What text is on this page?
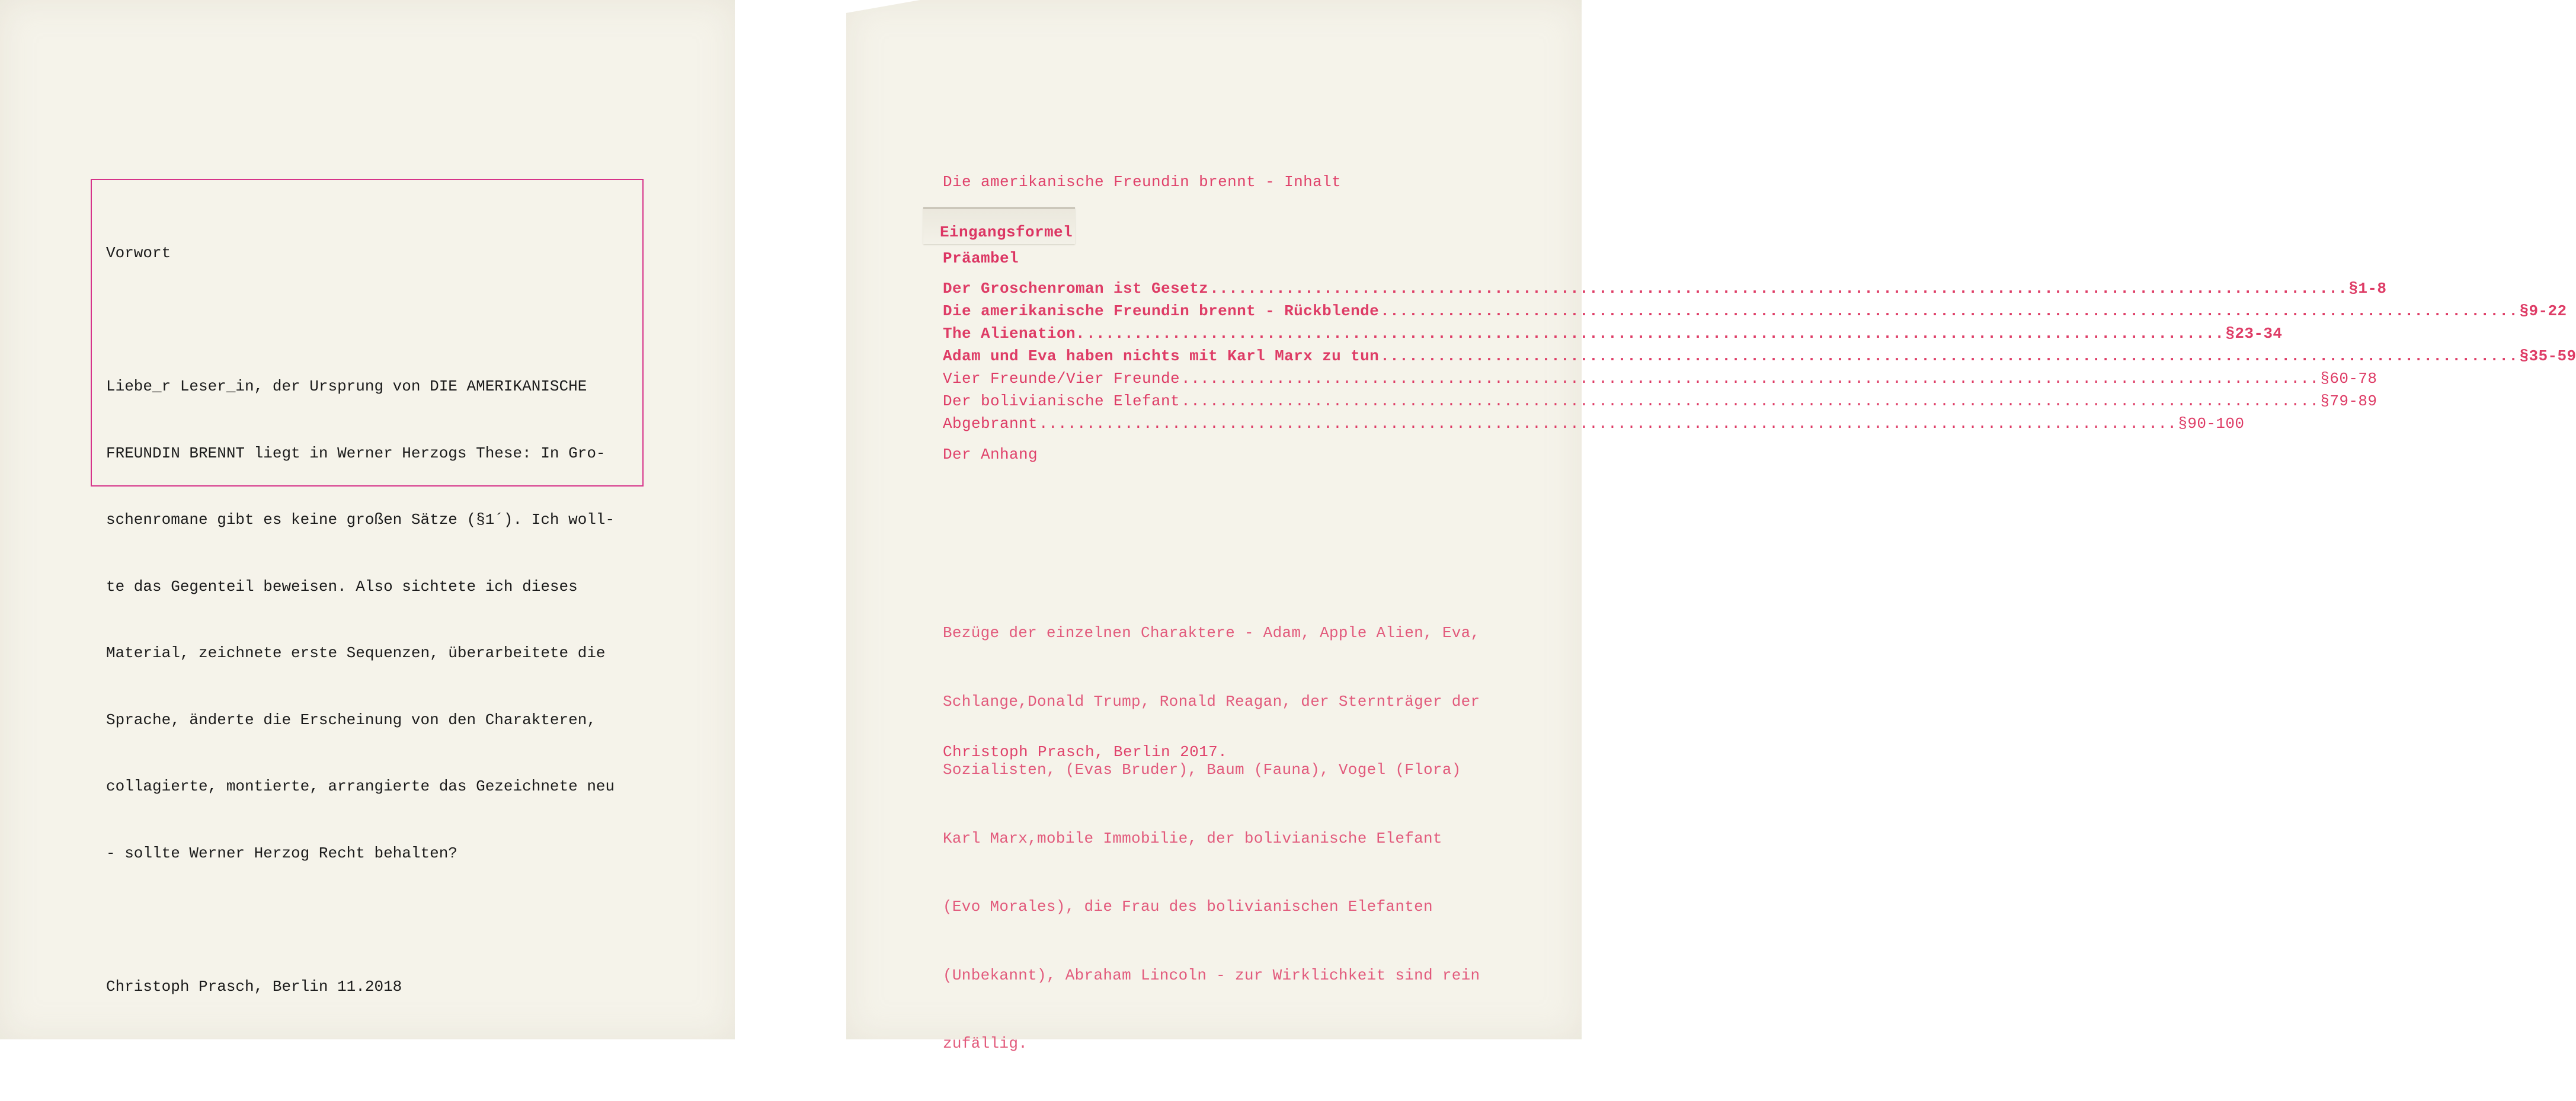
Vorwort

Liebe_r Leser_in, der Ursprung von DIE AMERIKANISCHE

FREUNDIN BRENNT liegt in Werner Herzogs These: In Gro-

schenromane gibt es keine großen Sätze (§1´). Ich woll-

te das Gegenteil beweisen. Also sichtete ich dieses

Material, zeichnete erste Sequenzen, überarbeitete die

Sprache, änderte die Erscheinung von den Charakteren,

collagierte, montierte, arrangierte das Gezeichnete neu

- sollte Werner Herzog Recht behalten?

Christoph Prasch, Berlin 11.2018

Die amerikanische Freundin brennt - Inhalt
Eingangsformel
Präambel
Der Groschenroman ist Gesetz .....	§1-8
Die amerikanische Freundin brennt - Rückblende .....	§9-22
The Alienation. .....	§23-34
Adam und Eva haben nichts mit Karl Marx zu tun .....	§35-59
Vier Freunde/Vier Freunde .....	§60-78
Der bolivianische Elefant .....	§79-89
Abgebrannt .....	§90-100
Der Anhang

Bezüge der einzelnen Charaktere - Adam, Apple Alien, Eva,

Schlange,Donald Trump, Ronald Reagan, der Sternträger der

Sozialisten, (Evas Bruder), Baum (Fauna), Vogel (Flora)

Karl Marx,mobile Immobilie, der bolivianische Elefant

(Evo Morales), die Frau des bolivianischen Elefanten

(Unbekannt), Abraham Lincoln - zur Wirklichkeit sind rein

zufällig.

Christoph Prasch, Berlin 2017.
